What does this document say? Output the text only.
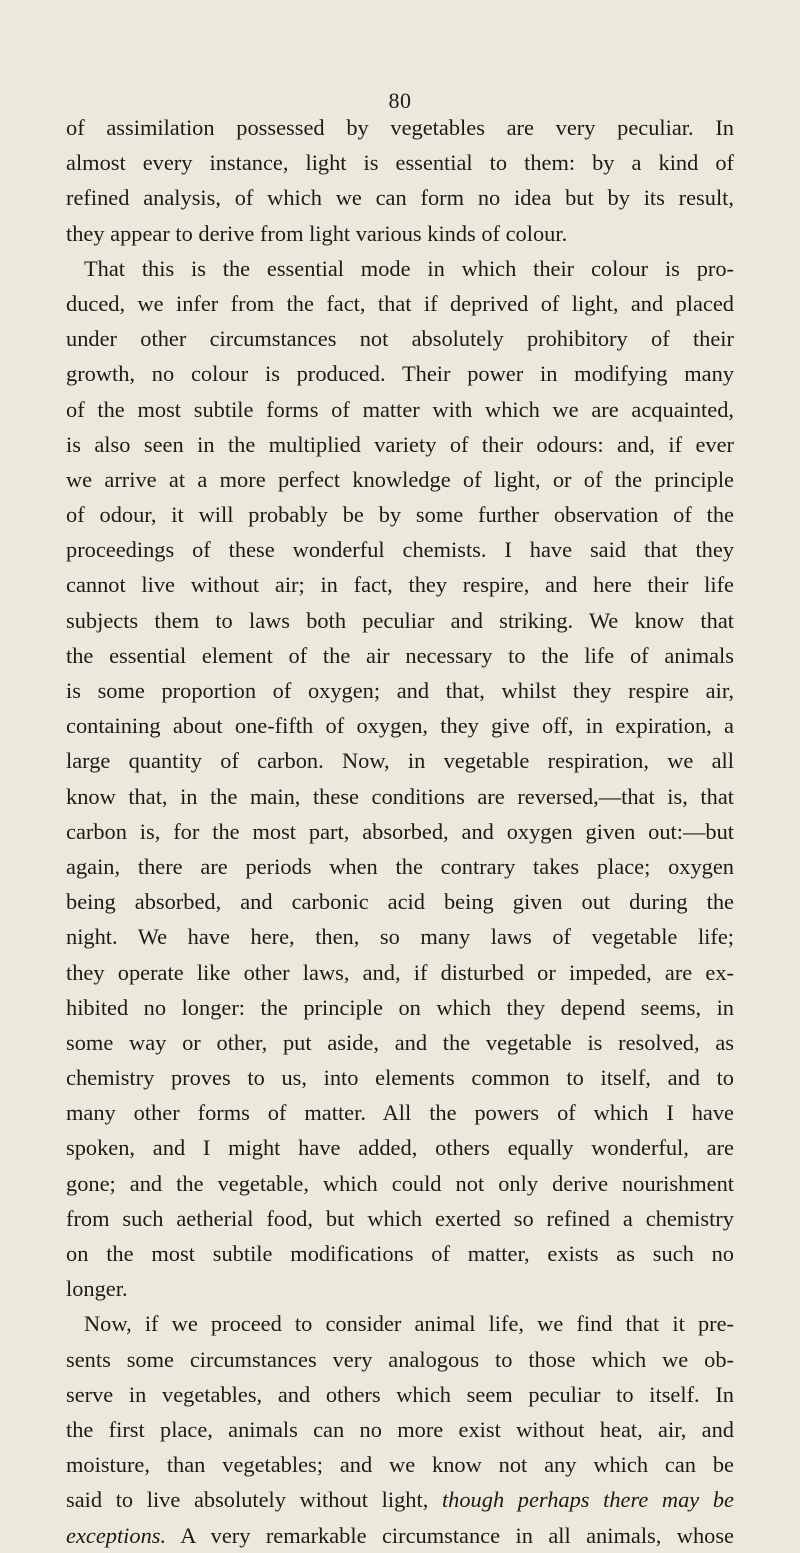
80
of assimilation possessed by vegetables are very peculiar. In
almost every instance, light is essential to them: by a kind of
refined analysis, of which we can form no idea but by its result,
they appear to derive from light various kinds of colour.
That this is the essential mode in which their colour is pro-
duced, we infer from the fact, that if deprived of light, and placed
under other circumstances not absolutely prohibitory of their
growth, no colour is produced. Their power in modifying many
of the most subtile forms of matter with which we are acquainted,
is also seen in the multiplied variety of their odours: and, if ever
we arrive at a more perfect knowledge of light, or of the principle
of odour, it will probably be by some further observation of the
proceedings of these wonderful chemists. I have said that they
cannot live without air; in fact, they respire, and here their life
subjects them to laws both peculiar and striking. We know that
the essential element of the air necessary to the life of animals
is some proportion of oxygen; and that, whilst they respire air,
containing about one-fifth of oxygen, they give off, in expiration, a
large quantity of carbon. Now, in vegetable respiration, we all
know that, in the main, these conditions are reversed,—that is, that
carbon is, for the most part, absorbed, and oxygen given out:—but
again, there are periods when the contrary takes place; oxygen
being absorbed, and carbonic acid being given out during the
night. We have here, then, so many laws of vegetable life;
they operate like other laws, and, if disturbed or impeded, are ex-
hibited no longer: the principle on which they depend seems, in
some way or other, put aside, and the vegetable is resolved, as
chemistry proves to us, into elements common to itself, and to
many other forms of matter. All the powers of which I have
spoken, and I might have added, others equally wonderful, are
gone; and the vegetable, which could not only derive nourishment
from such aetherial food, but which exerted so refined a chemistry
on the most subtile modifications of matter, exists as such no
longer.
Now, if we proceed to consider animal life, we find that it pre-
sents some circumstances very analogous to those which we ob-
serve in vegetables, and others which seem peculiar to itself. In
the first place, animals can no more exist without heat, air, and
moisture, than vegetables; and we know not any which can be
said to live absolutely without light, though perhaps there may be
exceptions. A very remarkable circumstance in all animals, whose
